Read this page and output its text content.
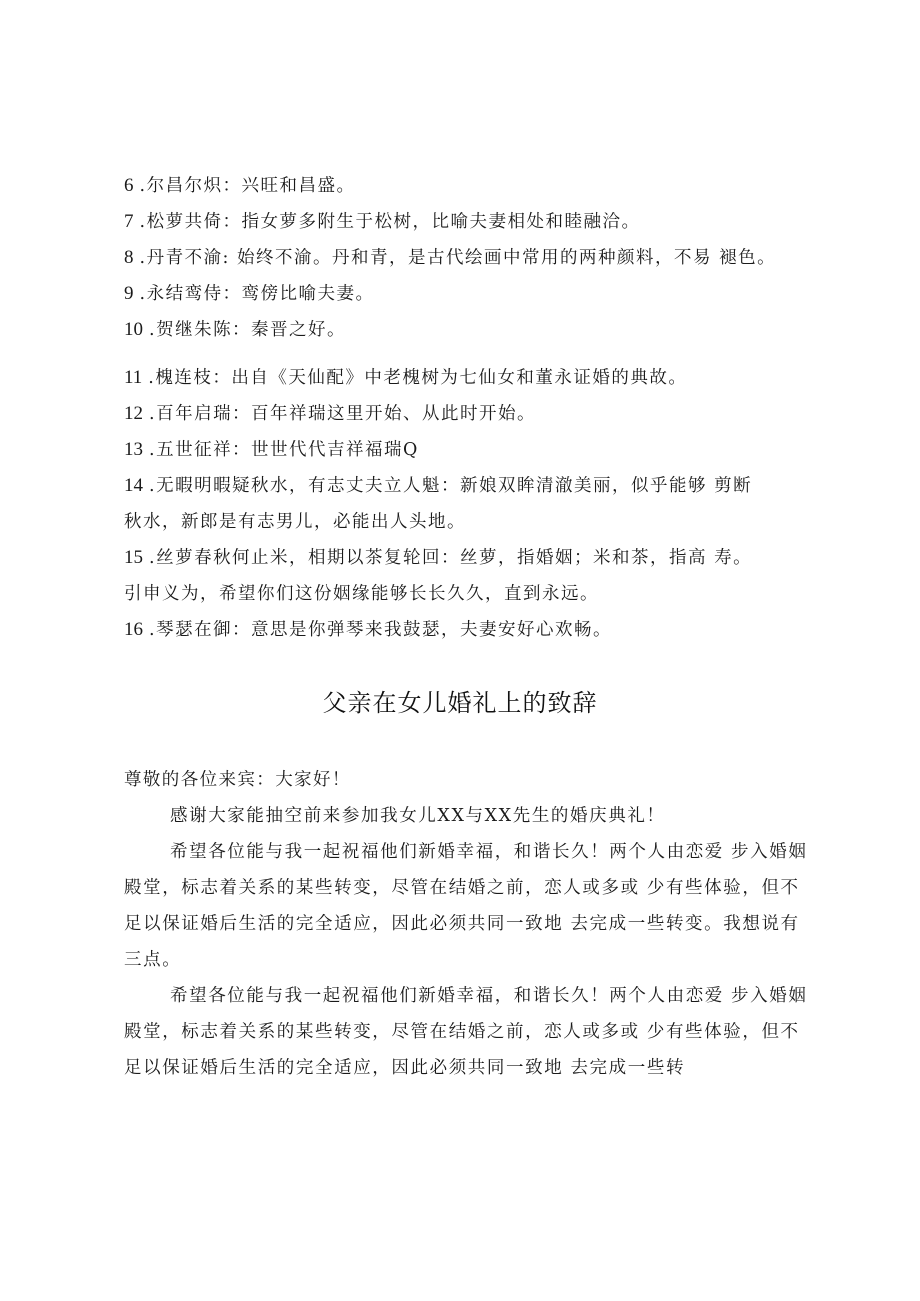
6 .尔昌尔炽：兴旺和昌盛。
7 .松萝共倚：指女萝多附生于松树，比喻夫妻相处和睦融洽。
8 .丹青不渝: 始终不渝。丹和青，是古代绘画中常用的两种颜料，不易 褪色。
9 .永结鸾侍：鸾傍比喻夫妻。
10 .贺继朱陈：秦晋之好。
11 .槐连枝：出自《天仙配》中老槐树为七仙女和董永证婚的典故。
12 .百年启瑞：百年祥瑞这里开始、从此时开始。
13 .五世征祥：世世代代吉祥福瑞Q
14 .无暇明暇疑秋水，有志丈夫立人魁：新娘双眸清澈美丽，似乎能够 剪断
秋水，新郎是有志男儿，必能出人头地。
15 .丝萝春秋何止米，相期以茶复轮回：丝萝，指婚姻；米和茶，指高 寿。
引申义为，希望你们这份姻缘能够长长久久，直到永远。
16 .琴瑟在御：意思是你弹琴来我鼓瑟，夫妻安好心欢畅。
父亲在女儿婚礼上的致辞

尊敬的各位来宾：大家好！

感谢大家能抽空前来参加我女儿XX与XX先生的婚庆典礼！

希望各位能与我一起祝福他们新婚幸福，和谐长久！两个人由恋爱 步入婚姻殿堂，标志着关系的某些转变，尽管在结婚之前，恋人或多或 少有些体验，但不足以保证婚后生活的完全适应，因此必须共同一致地 去完成一些转变。我想说有三点。

希望各位能与我一起祝福他们新婚幸福，和谐长久！两个人由恋爱 步入婚姻殿堂，标志着关系的某些转变，尽管在结婚之前，恋人或多或 少有些体验，但不足以保证婚后生活的完全适应，因此必须共同一致地 去完成一些转
